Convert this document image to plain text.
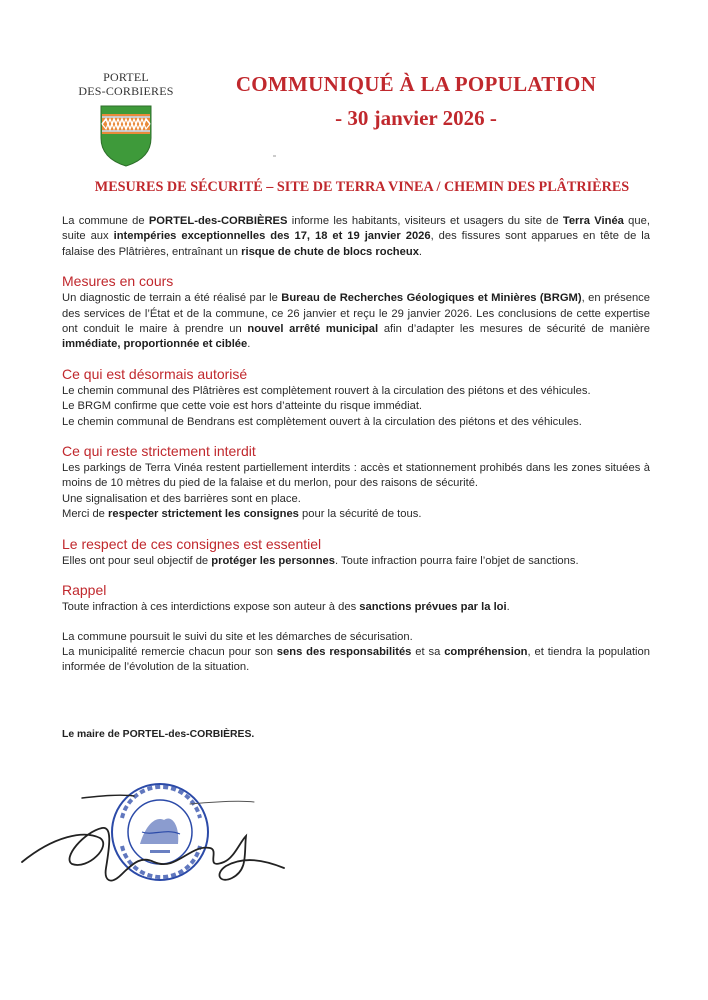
PORTEL
DES-CORBIERES	COMMUNIQUÉ À LA POPULATION
- 30 janvier 2026 -
MESURES DE SÉCURITÉ – SITE DE TERRA VINEA / CHEMIN DES PLÂTRIÈRES

La commune de PORTEL-des-CORBIÈRES informe les habitants, visiteurs et usagers du site de Terra Vinéa que, suite aux intempéries exceptionnelles des 17, 18 et 19 janvier 2026, des fissures sont apparues en tête de la falaise des Plâtrières, entraînant un risque de chute de blocs rocheux.

Mesures en cours

Un diagnostic de terrain a été réalisé par le Bureau de Recherches Géologiques et Minières (BRGM), en présence des services de l’État et de la commune, ce 26 janvier et reçu le 29 janvier 2026. Les conclusions de cette expertise ont conduit le maire à prendre un nouvel arrêté municipal afin d’adapter les mesures de sécurité de manière immédiate, proportionnée et ciblée.

Ce qui est désormais autorisé

Le chemin communal des Plâtrières est complètement rouvert à la circulation des piétons et des véhicules.

Le BRGM confirme que cette voie est hors d’atteinte du risque immédiat.

Le chemin communal de Bendrans est complètement ouvert à la circulation des piétons et des véhicules.

Ce qui reste strictement interdit

Les parkings de Terra Vinéa restent partiellement interdits : accès et stationnement prohibés dans les zones situées à moins de 10 mètres du pied de la falaise et du merlon, pour des raisons de sécurité.

Une signalisation et des barrières sont en place.

Merci de respecter strictement les consignes pour la sécurité de tous.

Le respect de ces consignes est essentiel

Elles ont pour seul objectif de protéger les personnes. Toute infraction pourra faire l’objet de sanctions.

Rappel

Toute infraction à ces interdictions expose son auteur à des sanctions prévues par la loi.

La commune poursuit le suivi du site et les démarches de sécurisation.

La municipalité remercie chacun pour son sens des responsabilités et sa compréhension, et tiendra la population informée de l’évolution de la situation.

Le maire de PORTEL-des-CORBIÈRES.
